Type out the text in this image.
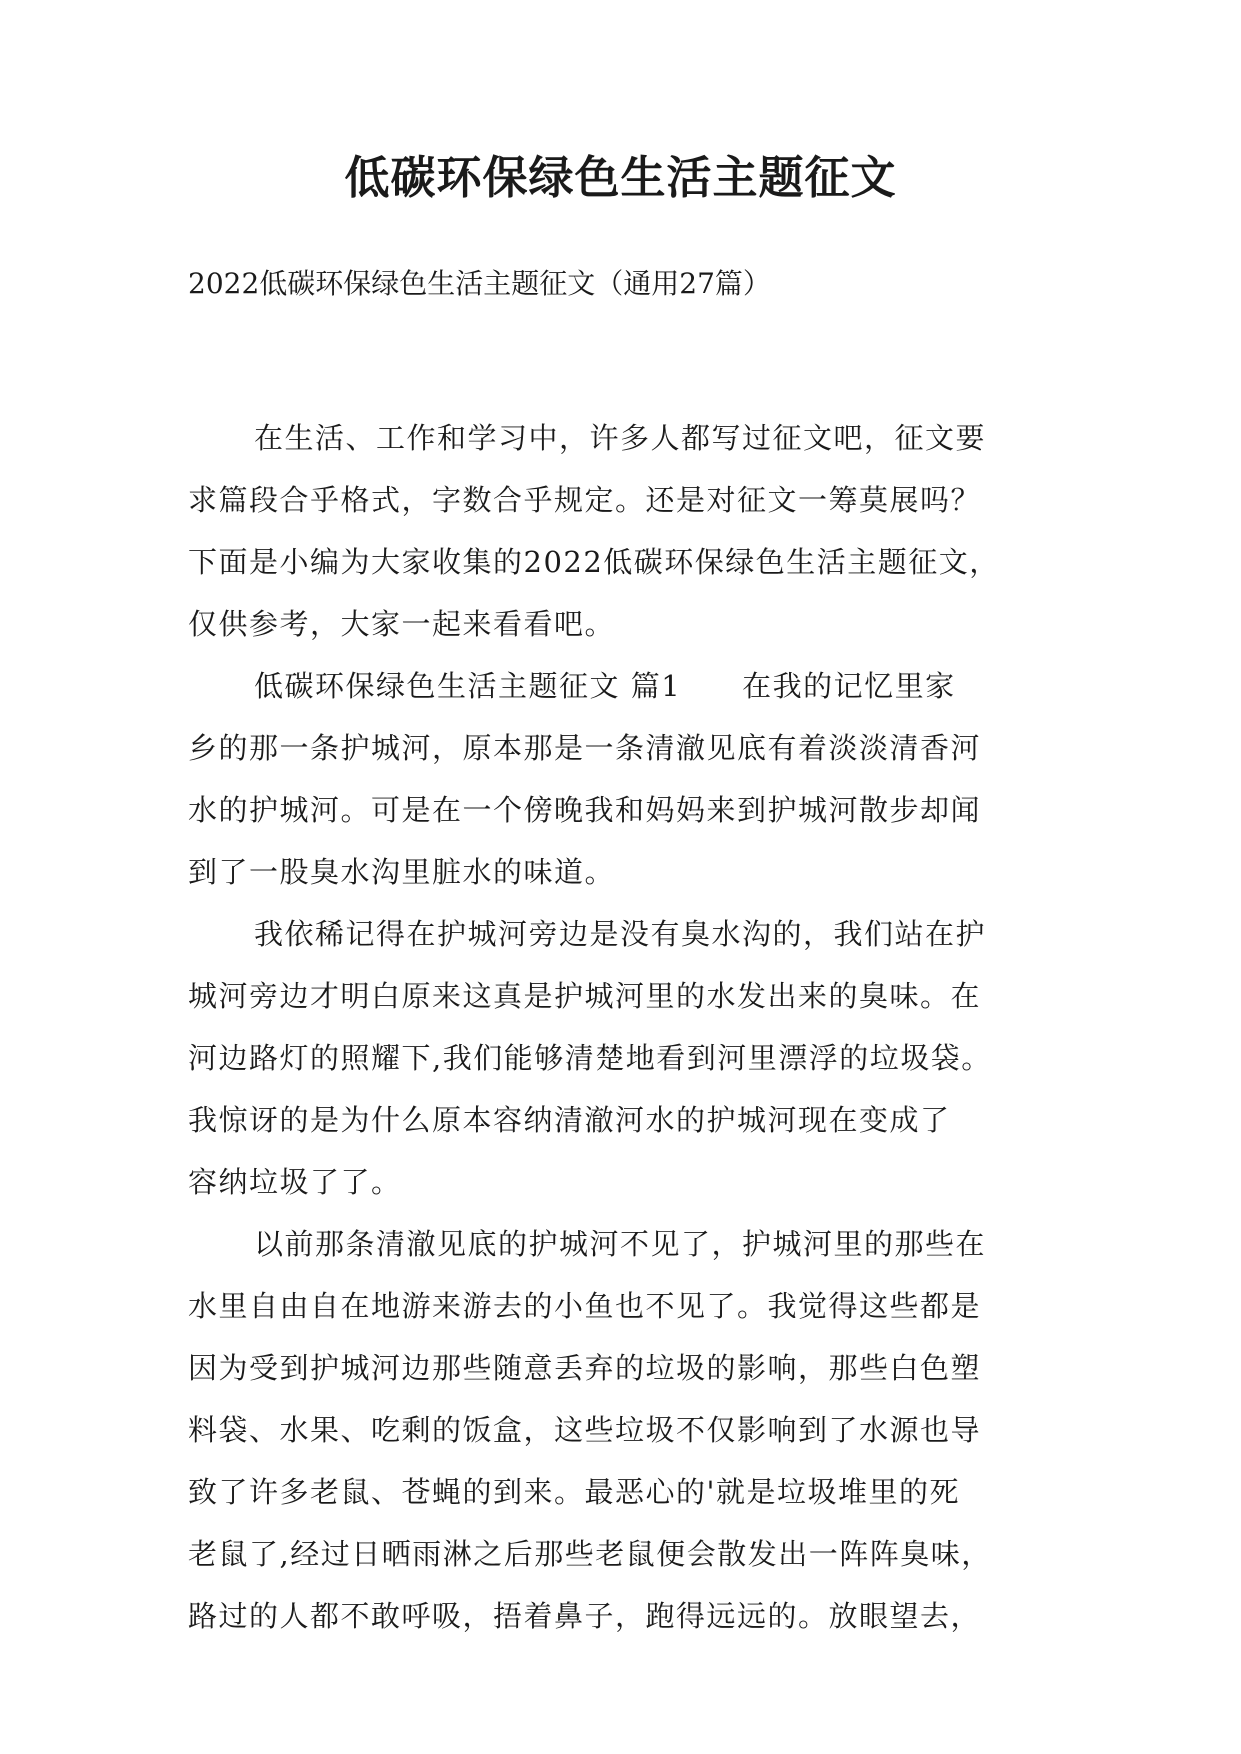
低碳环保绿色生活主题征文

2022低碳环保绿色生活主题征文（通用27篇）

在生活、工作和学习中，许多人都写过征文吧，征文要
求篇段合乎格式，字数合乎规定。还是对征文一筹莫展吗？
下面是小编为大家收集的2022低碳环保绿色生活主题征文，
仅供参考，大家一起来看看吧。
低碳环保绿色生活主题征文 篇1　　在我的记忆里家
乡的那一条护城河，原本那是一条清澈见底有着淡淡清香河
水的护城河。可是在一个傍晚我和妈妈来到护城河散步却闻
到了一股臭水沟里脏水的味道。
我依稀记得在护城河旁边是没有臭水沟的，我们站在护
城河旁边才明白原来这真是护城河里的水发出来的臭味。在
河边路灯的照耀下,我们能够清楚地看到河里漂浮的垃圾袋。
我惊讶的是为什么原本容纳清澈河水的护城河现在变成了
容纳垃圾了了。
以前那条清澈见底的护城河不见了，护城河里的那些在
水里自由自在地游来游去的小鱼也不见了。我觉得这些都是
因为受到护城河边那些随意丢弃的垃圾的影响，那些白色塑
料袋、水果、吃剩的饭盒，这些垃圾不仅影响到了水源也导
致了许多老鼠、苍蝇的到来。最恶心的'就是垃圾堆里的死
老鼠了,经过日晒雨淋之后那些老鼠便会散发出一阵阵臭味，
路过的人都不敢呼吸，捂着鼻子，跑得远远的。放眼望去，
